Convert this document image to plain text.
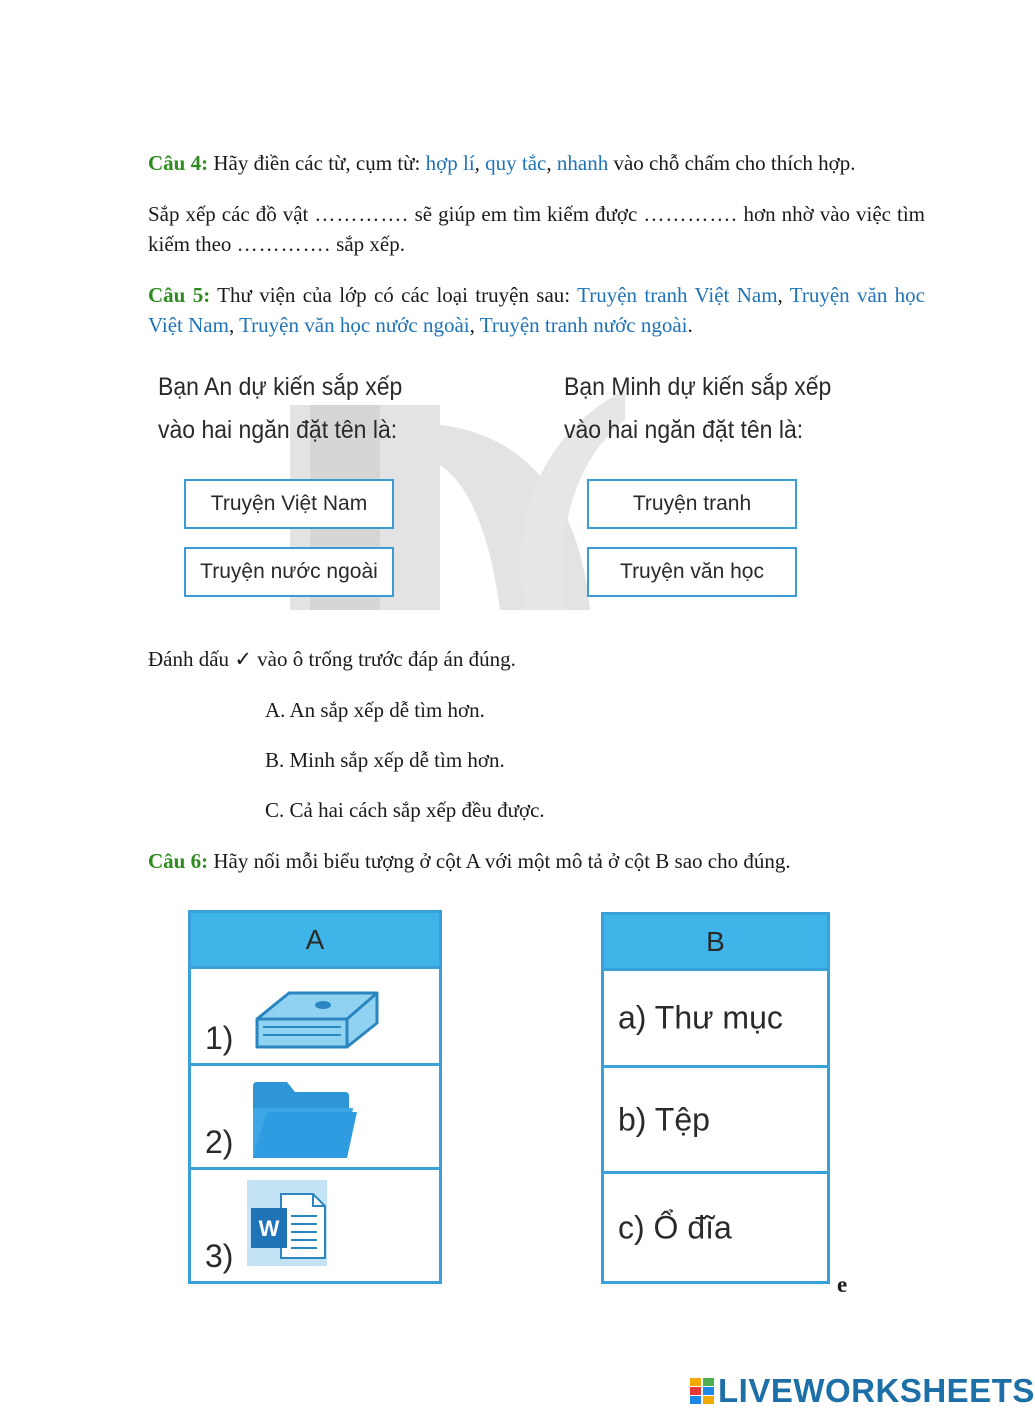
Câu 4: Hãy điền các từ, cụm từ: hợp lí, quy tắc, nhanh vào chỗ chấm cho thích hợp.
Sắp xếp các đồ vật …………. sẽ giúp em tìm kiếm được …………. hơn nhờ vào việc tìm kiếm theo …………. sắp xếp.
Câu 5: Thư viện của lớp có các loại truyện sau: Truyện tranh Việt Nam, Truyện văn học Việt Nam, Truyện văn học nước ngoài, Truyện tranh nước ngoài.
Bạn An dự kiến sắp xếp vào hai ngăn đặt tên là:
Bạn Minh dự kiến sắp xếp vào hai ngăn đặt tên là:
Truyện Việt Nam
Truyện nước ngoài
Truyện tranh
Truyện văn học
Đánh dấu ✓ vào ô trống trước đáp án đúng.
A. An sắp xếp dễ tìm hơn.
B. Minh sắp xếp dễ tìm hơn.
C. Cả hai cách sắp xếp đều được.
Câu 6: Hãy nối mỗi biểu tượng ở cột A với một mô tả ở cột B sao cho đúng.
A
1)
2)
3)
W
B
a) Thư mục
b) Tệp
c) Ổ đĩa
e
LIVEWORKSHEETS
